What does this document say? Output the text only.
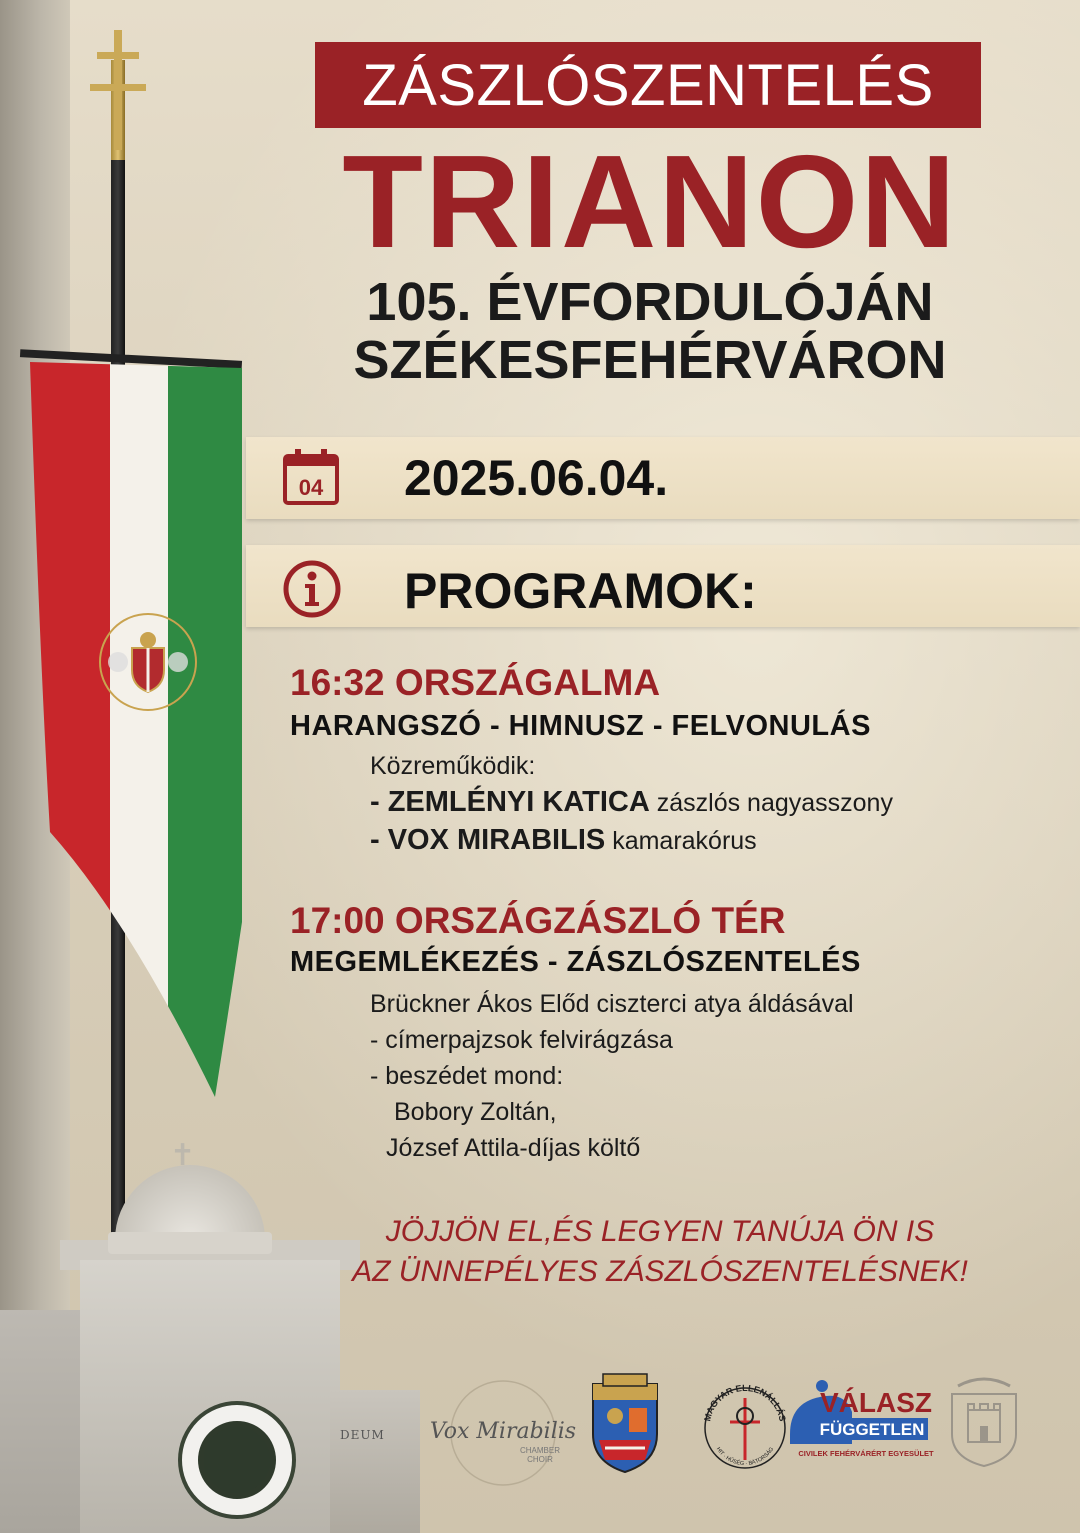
DEUM
✝
ZÁSZLÓSZENTELÉS
TRIANON
105. ÉVFORDULÓJÁN
SZÉKESFEHÉRVÁRON
04 2025.06.04.
PROGRAMOK:
16:32 ORSZÁGALMA
HARANGSZÓ - HIMNUSZ - FELVONULÁS
Közreműködik:
- ZEMLÉNYI KATICA zászlós nagyasszony
- VOX MIRABILIS kamarakórus
17:00 ORSZÁGZÁSZLÓ TÉR
MEGEMLÉKEZÉS - ZÁSZLÓSZENTELÉS
Brückner Ákos Előd ciszterci atya áldásával
- címerpajzsok felvirágzása
- beszédet mond:
Bobory Zoltán,
József Attila-díjas költő
JÖJJÖN EL,ÉS LEGYEN TANÚJA ÖN IS
AZ ÜNNEPÉLYES ZÁSZLÓSZENTELÉSNEK!
Vox Mirabilis
CHAMBER
CHOIR
MAGYAR ELLENÁLLÁS
HIT · HŰSÉG · BÁTORSÁG
VÁLASZ
FÜGGETLEN
CIVILEK FEHÉRVÁRÉRT EGYESÜLET
